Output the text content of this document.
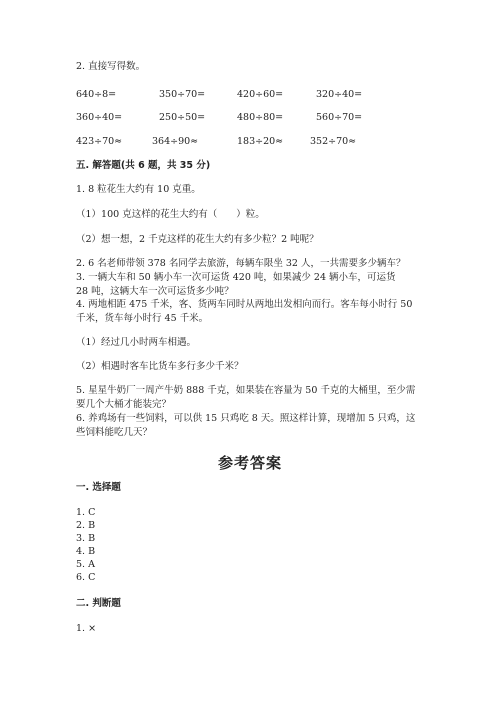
2. 直接写得数。
640÷8=	350÷70=	420÷60=	320÷40=
360÷40=	250÷50=	480÷80=	560÷70=
423÷70≈	364÷90≈	183÷20≈	352÷70≈
五. 解答题(共 6 题，共 35 分)
1. 8 粒花生大约有 10 克重。
（1）100 克这样的花生大约有（　　）粒。
（2）想一想，2 千克这样的花生大约有多少粒？2 吨呢？
2. 6 名老师带领 378 名同学去旅游，每辆车限坐 32 人，一共需要多少辆车？
3. 一辆大车和 50 辆小车一次可运货 420 吨，如果减少 24 辆小车，可运货
28 吨，这辆大车一次可运货多少吨？
4. 两地相距 475 千米，客、货两车同时从两地出发相向而行。客车每小时行 50
千米，货车每小时行 45 千米。
（1）经过几小时两车相遇。
（2）相遇时客车比货车多行多少千米？
5. 星星牛奶厂一周产牛奶 888 千克，如果装在容量为 50 千克的大桶里，至少需
要几个大桶才能装完？
6. 养鸡场有一些饲料，可以供 15 只鸡吃 8 天。照这样计算，现增加 5 只鸡，这
些饲料能吃几天？
参考答案
一. 选择题
1. C
2. B
3. B
4. B
5. A
6. C
二. 判断题
1. ×
